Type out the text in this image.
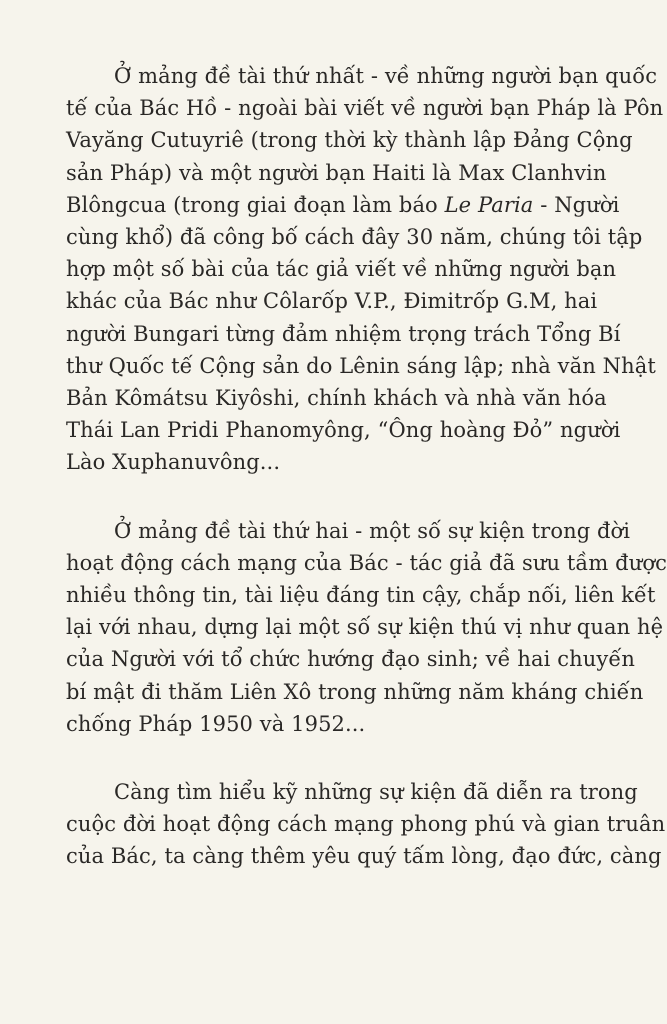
Ở mảng đề tài thứ nhất - về những người bạn quốc
tế của Bác Hồ - ngoài bài viết về người bạn Pháp là Pôn
Vayăng Cutuyriê (trong thời kỳ thành lập Đảng Cộng
sản Pháp) và một người bạn Haiti là Max Clanhvin
Blôngcua (trong giai đoạn làm báo Le Paria - Người
cùng khổ) đã công bố cách đây 30 năm, chúng tôi tập
hợp một số bài của tác giả viết về những người bạn
khác của Bác như Côlarốp V.P., Đimitrốp G.M, hai
người Bungari từng đảm nhiệm trọng trách Tổng Bí
thư Quốc tế Cộng sản do Lênin sáng lập; nhà văn Nhật
Bản Kômátsu Kiyôshi, chính khách và nhà văn hóa
Thái Lan Pridi Phanomyông, “Ông hoàng Đỏ” người
Lào Xuphanuvông...

Ở mảng đề tài thứ hai - một số sự kiện trong đời
hoạt động cách mạng của Bác - tác giả đã sưu tầm được
nhiều thông tin, tài liệu đáng tin cậy, chắp nối, liên kết
lại với nhau, dựng lại một số sự kiện thú vị như quan hệ
của Người với tổ chức hướng đạo sinh; về hai chuyến
bí mật đi thăm Liên Xô trong những năm kháng chiến
chống Pháp 1950 và 1952...

Càng tìm hiểu kỹ những sự kiện đã diễn ra trong
cuộc đời hoạt động cách mạng phong phú và gian truân
của Bác, ta càng thêm yêu quý tấm lòng, đạo đức, càng
